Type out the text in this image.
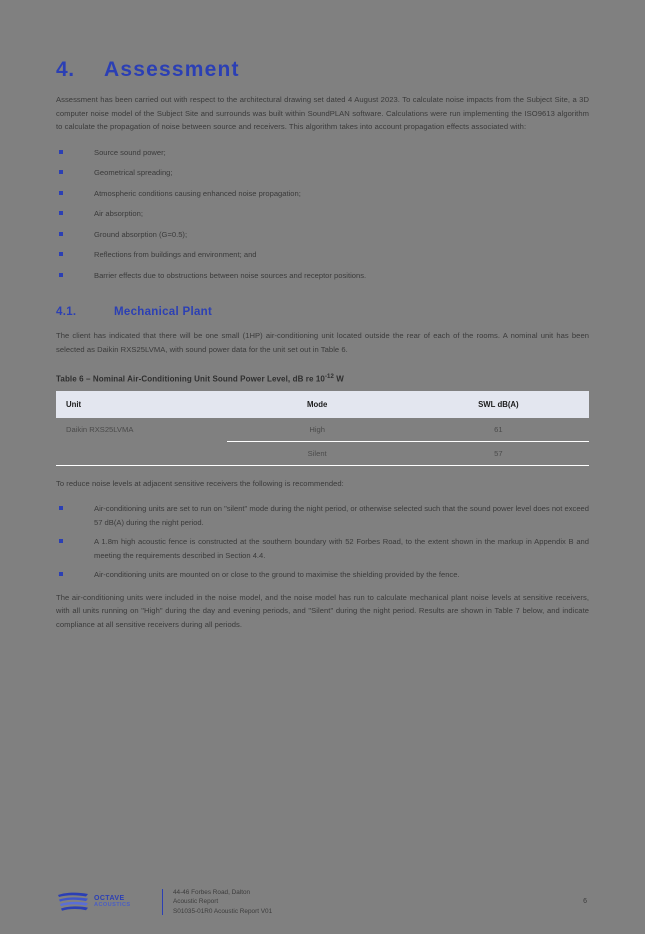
4.	Assessment
Assessment has been carried out with respect to the architectural drawing set dated 4 August 2023. To calculate noise impacts from the Subject Site, a 3D computer noise model of the Subject Site and surrounds was built within SoundPLAN software. Calculations were run implementing the ISO9613 algorithm to calculate the propagation of noise between source and receivers. This algorithm takes into account propagation effects associated with:
Source sound power;
Geometrical spreading;
Atmospheric conditions causing enhanced noise propagation;
Air absorption;
Ground absorption (G=0.5);
Reflections from buildings and environment; and
Barrier effects due to obstructions between noise sources and receptor positions.
4.1.	Mechanical Plant
The client has indicated that there will be one small (1HP) air-conditioning unit located outside the rear of each of the rooms. A nominal unit has been selected as Daikin RXS25LVMA, with sound power data for the unit set out in Table 6.
Table 6 – Nominal Air-Conditioning Unit Sound Power Level, dB re $10^{-12}$ W
Unit	Mode	SWL dB(A)
Daikin RXS25LVMA	High	61
	Silent	57
To reduce noise levels at adjacent sensitive receivers the following is recommended:
Air-conditioning units are set to run on "silent" mode during the night period, or otherwise selected such that the sound power level does not exceed 57 dB(A) during the night period.
A 1.8m high acoustic fence is constructed at the southern boundary with 52 Forbes Road, to the extent shown in the markup in Appendix B and meeting the requirements described in Section 4.4.
Air-conditioning units are mounted on or close to the ground to maximise the shielding provided by the fence.
The air-conditioning units were included in the noise model, and the noise model has run to calculate mechanical plant noise levels at sensitive receivers, with all units running on "High" during the day and evening periods, and "Silent" during the night period. Results are shown in Table 7 below, and indicate compliance at all sensitive receivers during all periods.
OCTAVE
ACOUSTICS
44-46 Forbes Road, Dalton
Acoustic Report
S01035-01R0 Acoustic Report V01
6
